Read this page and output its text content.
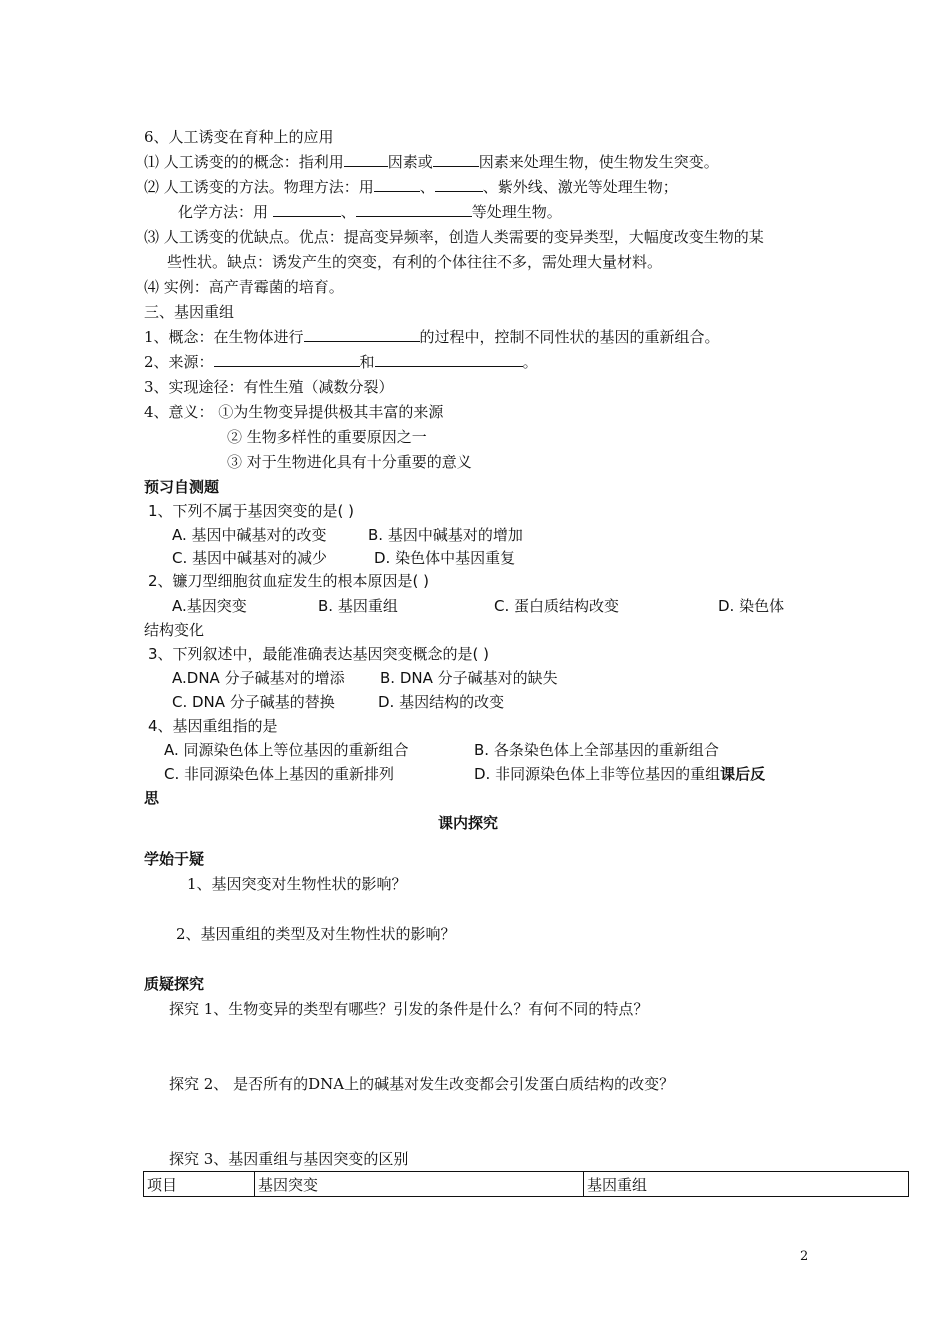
6、人工诱变在育种上的应用
⑴ 人工诱变的的概念：指利用	因素或	因素来处理生物，使生物发生突变。
⑵ 人工诱变的方法。物理方法：用	、	、紫外线、激光等处理生物；
化学方法：用	、	等处理生物。
⑶ 人工诱变的优缺点。优点：提高变异频率，创造人类需要的变异类型，大幅度改变生物的某
些性状。缺点：诱发产生的突变，有利的个体往往不多，需处理大量材料。
⑷ 实例：高产青霉菌的培育。
三、基因重组
1、概念：在生物体进行	的过程中，控制不同性状的基因的重新组合。
2、来源：	和	。
3、实现途径：有性生殖（减数分裂）
4、意义： ①为生物变异提供极其丰富的来源
② 生物多样性的重要原因之一
③ 对于生物进化具有十分重要的意义
预习自测题
1、下列不属于基因突变的是( )
A. 基因中碱基对的改变	B. 基因中碱基对的增加
C. 基因中碱基对的减少	D. 染色体中基因重复
2、镰刀型细胞贫血症发生的根本原因是( )
A.基因突变	B. 基因重组	C. 蛋白质结构改变	D. 染色体
结构变化
3、下列叙述中，最能准确表达基因突变概念的是( )
A.DNA 分子碱基对的增添 B. DNA 分子碱基对的缺失
C. DNA 分子碱基的替换	D. 基因结构的改变
4、基因重组指的是
A. 同源染色体上等位基因的重新组合	B. 各条染色体上全部基因的重新组合
C. 非同源染色体上基因的重新排列	D. 非同源染色体上非等位基因的重组课后反
思
课内探究
学始于疑
1、基因突变对生物性状的影响？
2、基因重组的类型及对生物性状的影响？
质疑探究
探究 1、生物变异的类型有哪些？引发的条件是什么？有何不同的特点？
探究 2、 是否所有的DNA上的碱基对发生改变都会引发蛋白质结构的改变？
探究 3、基因重组与基因突变的区别
项目	基因突变	基因重组
2
